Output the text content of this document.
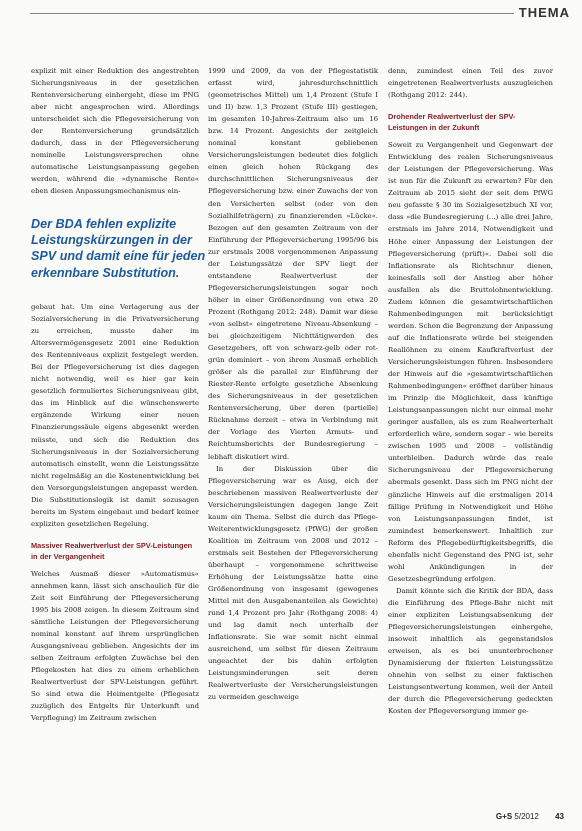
THEMA

explizit mit einer Reduktion des angestrebten Sicherungsniveaus in der gesetzlichen Rentenversicherung einhergeht, diese im PNG aber nicht angesprochen wird. Allerdings unterscheidet sich die Pflegeversicherung von der Rentenversicherung grundsätzlich dadurch, dass in der Pflegeversicherung nominelle Leistungsversprechen ohne automatische Leistungsanpassung gegeben werden, während die »dynamische Rente« eben diesen Anpassungsmechanismus ein-

Der BDA fehlen explizite
Leistungskürzungen in der
SPV und damit eine für jeden
erkennbare Substitution.

gebaut hat. Um eine Verlagerung aus der Sozialversicherung in die Privatversicherung zu erreichen, musste daher im Altersvermögensgesetz 2001 eine Reduktion des Rentenniveaus explizit festgelegt werden. Bei der Pflegeversicherung ist dies dagegen nicht notwendig, weil es hier gar kein gesetzlich formuliertes Sicherungsniveau gibt, das im Hinblick auf die wünschenswerte ergänzende Wirkung einer neuen Finanzierungssäule eigens abgesenkt werden müsste, und sich die Reduktion des Sicherungsniveaus in der Sozialversicherung automatisch einstellt, wenn die Leistungssätze nicht regelmäßig an die Kostenentwicklung bei den Versorgungsleistungen angepasst werden. Die Substitutionslogik ist damit sozusagen bereits im System eingebaut und bedarf keiner expliziten gesetzlichen Regelung.

Massiver Realwertverlust der SPV-Leistungen in der Vergangenheit

Welches Ausmaß dieser »Automatismus« annehmen kann, lässt sich anschaulich für die Zeit seit Einführung der Pflegeversicherung 1995 bis 2008 zeigen. In diesem Zeitraum sind sämtliche Leistungen der Pflegeversicherung nominal konstant auf ihrem ursprünglichen Ausgangsniveau geblieben. Angesichts der im selben Zeitraum erfolgten Zuwächse bei den Pflegekosten hat dies zu einem erheblichen Realwertverlust der SPV-Leistungen geführt. So sind etwa die Heimentgelte (Pflegesatz zuzüglich des Entgelts für Unterkunft und Verpflegung) im Zeitraum zwischen

1999 und 2009, da von der Pflegestatistik erfasst wird, jahresdurchschnittlich (geometrisches Mittel) um 1,4 Prozent (Stufe I und II) bzw. 1,3 Prozent (Stufe III) gestiegen, im gesamten 10-Jahres-Zeitraum also um 16 bzw. 14 Prozent. Angesichts der zeitgleich nominal konstant gebliebenen Versicherungsleistungen bedeutet dies folglich einen gleich hohen Rückgang des durchschnittlichen Sicherungsniveaus der Pflegeversicherung bzw. einer Zuwachs der von den Versicherten selbst (oder von den Sozialhilfeträgern) zu finanzierenden »Lücke«. Bezogen auf den gesamten Zeitraum von der Einführung der Pflegeversicherung 1995/96 bis zur erstmals 2008 vorgenommenen Anpassung der Leistungssätze der SPV liegt der entstandene Realwertverlust der Pflegeversicherungsleistungen sogar noch höher in einer Größenordnung von etwa 20 Prozent (Rothgang 2012: 248). Damit war diese »von selbst« eingetretene Niveau-Absenkung – bei gleichzeitigem Nichttätigwerden des Gesetzgebers, oft von schwarz-gelb oder rot-grün dominiert – von ihrem Ausmaß erheblich größer als die parallel zur Einführung der Riester-Rente erfolgte gesetzliche Absenkung des Sicherungsniveaus in der gesetzlichen Rentenversicherung, über deren (partielle) Rücknahme derzeit – etwa in Verbindung mit der Vorlage des Vierten Armuts- und Reichtumsberichts der Bundesregierung – lebhaft diskutiert wird.

In der Diskussion über die Pflegeversicherung war es Ausg, eich der beschriebenen massiven Realwertverluste der Versicherungsleistungen dagegen lange Zeit kaum ein Thema. Selbst die durch das Pflege-Weiterentwicklungsgesetz (PfWG) der großen Koalition im Zeitraum von 2008 und 2012 – erstmals seit Bestehen der Pflegeversicherung überhaupt – vorgenommene schrittweise Erhöhung der Leistungssätze hatte eine Größenordnung von insgesamt (gewogenes Mittel mit den Ausgabenanteilen als Gewichte) rund 1,4 Prozent pro Jahr (Rothgang 2008: 4) und lag damit noch unterhalb der Inflationsrate. Sie war somit nicht einmal ausreichend, um selbst für diesen Zeitraum ungeachtet der bis dahin erfolgten Leistungsminderungen seit deren Realwertverluste der Versicherungsleistungen zu vermeiden geschweige

denn, zumindest einen Teil des zuvor eingetretenen Realwertverlusts auszugleichen (Rothgang 2012: 244).

Drohender Realwertverlust der SPV-Leistungen in der Zukunft

Soweit zu Vergangenheit und Gegenwart der Entwicklung des realen Sicherungsniveaus der Leistungen der Pflegeversicherung. Was ist nun für die Zukunft zu erwarten? Für den Zeitraum ab 2015 sieht der seit dem PfWG neu gefasste § 30 im Sozialgesetzbuch XI vor, dass »die Bundesregierung (...) alle drei Jahre, erstmals im Jahre 2014, Notwendigkeit und Höhe einer Anpassung der Leistungen der Pflegeversicherung (prüft)«. Dabei soll die Inflationsrate als Richtschnur dienen, keinesfalls soll der Anstieg aber höher ausfallen als die Bruttolohnentwicklung. Zudem können die gesamtwirtschaftlichen Rahmenbedingungen mit berücksichtigt werden. Schon die Begrenzung der Anpassung auf die Inflationsrate würde bei steigenden Reallöhnen zu einem Kaufkraftverlust der Versicherungsleistungen führen. Insbesondere der Hinweis auf die »gesamtwirtschaftlichen Rahmenbedingungen« eröffnet darüber hinaus im Prinzip die Möglichkeit, dass künftige Leistungsanpassungen nicht nur einmal mehr geringer ausfallen, als es zum Realwerterhalt erforderlich wäre, sondern sogar – wie bereits zwischen 1995 und 2008 – vollständig unterbleiben. Dadurch würde das reale Sicherungsniveau der Pflegeversicherung abermals gesenkt. Dass sich im PNG nicht der gänzliche Hinweis auf die erstmaligen 2014 fällige Prüfung in Notwendigkeit und Höhe von Leistungsanpassungen findet, ist zumindest bemerkenswert. Inhaltlich zur Reform des Pflegebedürftigkeitsbegriffs, die ebenfalls nicht Gegenstand des PNG ist, sehr wohl Ankündigungen in der Gesetzesbegründung erfolgen.

Damit könnte sich die Kritik der BDA, dass die Einführung des Pflege-Bahr nicht mit einer expliziten Leistungsabsenkung der Pflegeversicherungsleistungen einhergehe, insoweit inhaltlich als gegenstandslos erweisen, als es bei ununterbrochener Dynamisierung der fixierten Leistungssätze ohnehin von selbst zu einer faktischen Leistungsentwertung kommen, weil der Anteil der durch die Pflegeversicherung gedeckten Kosten der Pflegeversorgung immer ge-

G+S 5/2012 43
